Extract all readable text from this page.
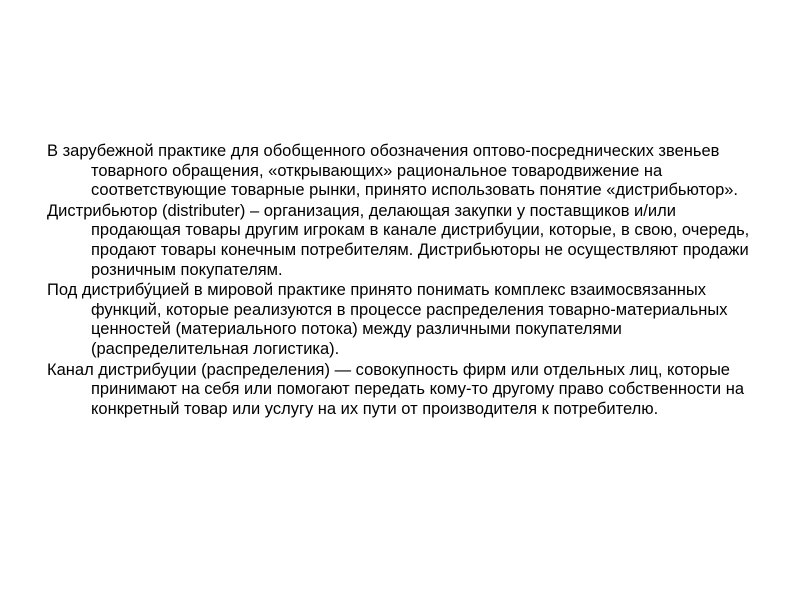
В зарубежной практике для обобщенного обозначения оптово-посреднических звеньев товарного обращения, «открывающих» рациональное товародвижение на соответствующие товарные рынки, принято использовать понятие «дистрибьютор».

Дистрибьютор (distributer) – организация, делающая закупки у поставщиков и/или продающая товары другим игрокам в канале дистрибуции, которые, в свою, очередь, продают товары конечным потребителям. Дистрибьюторы не осуществляют продажи розничным покупателям.

Под дистрибу́цией в мировой практике принято понимать комплекс взаимосвязанных функций, которые реализуются в процессе распределения товарно-материальных ценностей (материального потока) между различными покупателями (распределительная логистика).

Канал дистрибуции (распределения) — совокупность фирм или отдельных лиц, которые принимают на себя или помогают передать кому-то другому право собственности на конкретный товар или услугу на их пути от производителя к потребителю.
